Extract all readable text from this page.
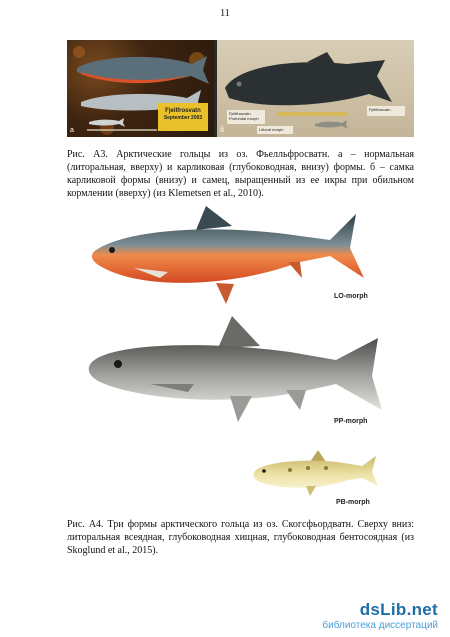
11
a
Fjellfrosvatn
September 2003
б
Fjellfrosvatn
Profundal morph
Fjellfrosvatn
Littoral morph
Рис. А3. Арктические гольцы из оз. Фьелльфросватн. а – нормальная (литоральная, вверху) и карликовая (глубоководная, внизу) формы. б – самка карликовой формы (внизу) и самец, выращенный из ее икры при обильном кормлении (вверху) (из Klemetsen et al., 2010).
LO-morph
PP-morph
PB-morph
Рис. А4. Три формы арктического гольца из оз. Скогсфьордватн. Сверху вниз: литоральная всеядная, глубоководная хищная, глубоководная бентосоядная (из Skoglund et al., 2015).
dsLib.net
библиотека диссертаций
